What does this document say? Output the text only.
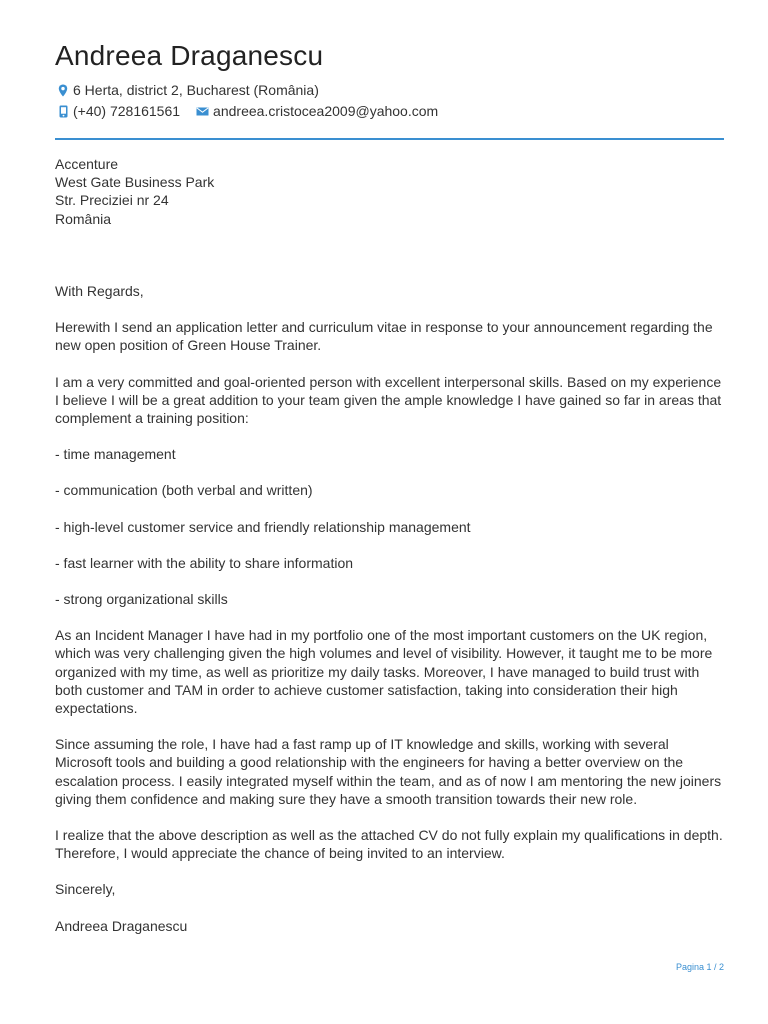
Andreea Draganescu
6 Herta, district 2, Bucharest (România)
(+40) 728161561 andreea.cristocea2009@yahoo.com
Accenture
West Gate Business Park
Str. Preciziei nr 24
România

With Regards,

Herewith I send an application letter and curriculum vitae in response to your announcement regarding the new open position of Green House Trainer.

I am a very committed and goal-oriented person with excellent interpersonal skills. Based on my experience I believe I will be a great addition to your team given the ample knowledge I have gained so far in areas that complement a training position:

- time management

- communication (both verbal and written)

- high-level customer service and friendly relationship management

- fast learner with the ability to share information

- strong organizational skills

As an Incident Manager I have had in my portfolio one of the most important customers on the UK region, which was very challenging given the high volumes and level of visibility. However, it taught me to be more organized with my time, as well as prioritize my daily tasks. Moreover, I have managed to build trust with both customer and TAM in order to achieve customer satisfaction, taking into consideration their high expectations.

Since assuming the role, I have had a fast ramp up of IT knowledge and skills, working with several Microsoft tools and building a good relationship with the engineers for having a better overview on the escalation process. I easily integrated myself within the team, and as of now I am mentoring the new joiners giving them confidence and making sure they have a smooth transition towards their new role.

I realize that the above description as well as the attached CV do not fully explain my qualifications in depth. Therefore, I would appreciate the chance of being invited to an interview.

Sincerely,

Andreea Draganescu

Pagina 1 / 2
